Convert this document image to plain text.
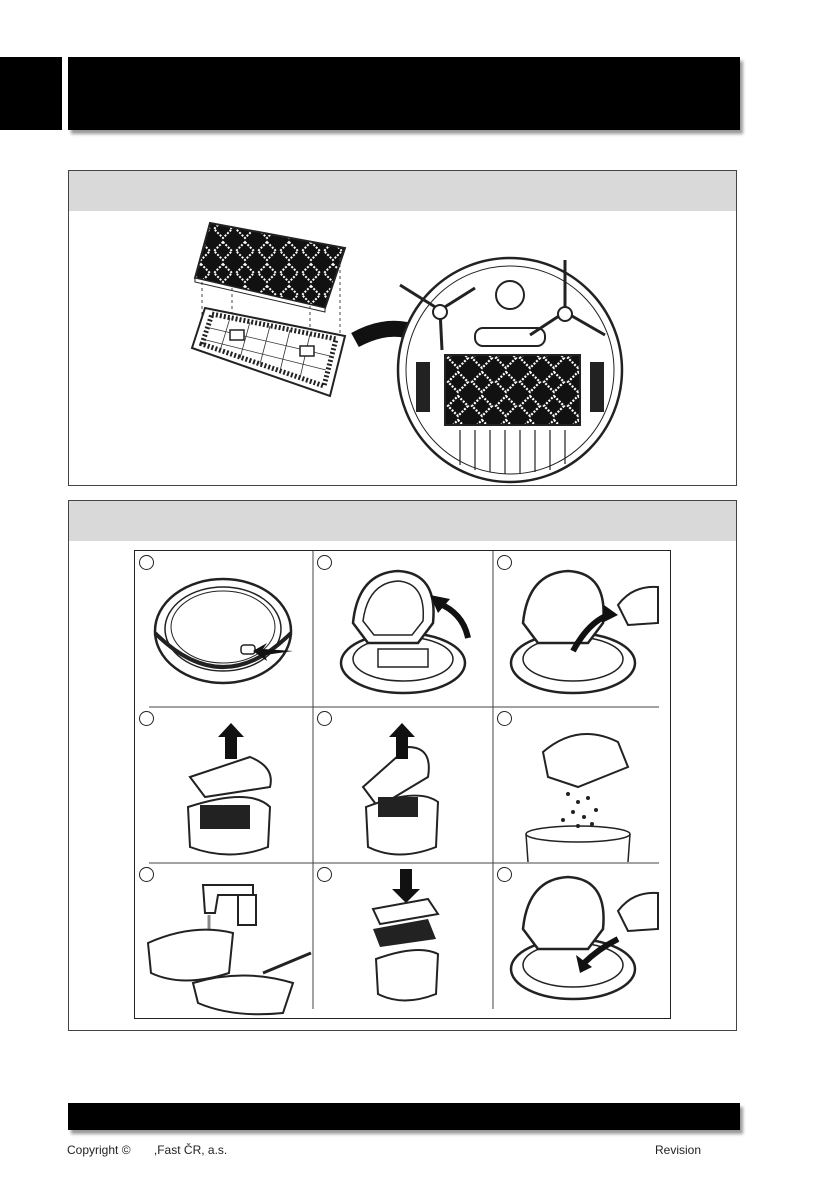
Copyright © ,Fast ČR, a.s.	Revision
